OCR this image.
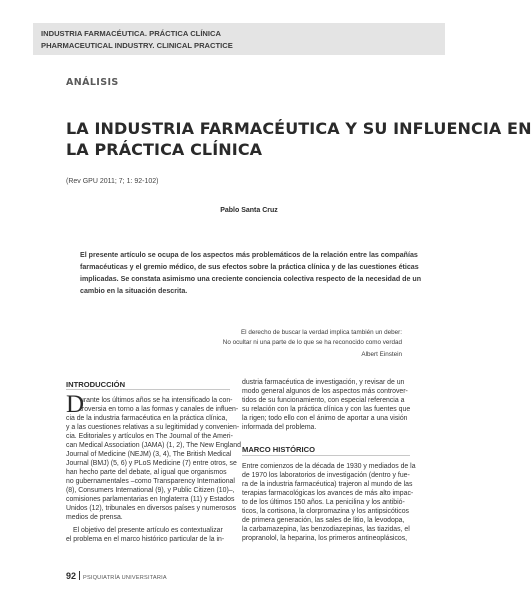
INDUSTRIA FARMACÉUTICA. PRÁCTICA CLÍNICA
PHARMACEUTICAL INDUSTRY. CLINICAL PRACTICE
ANÁLISIS
LA INDUSTRIA FARMACÉUTICA Y SU INFLUENCIA EN
LA PRÁCTICA CLÍNICA
(Rev GPU 2011; 7; 1: 92-102)
Pablo Santa Cruz
El presente artículo se ocupa de los aspectos más problemáticos de la relación entre las compañías
farmacéuticas y el gremio médico, de sus efectos sobre la práctica clínica y de las cuestiones éticas
implicadas. Se constata asimismo una creciente conciencia colectiva respecto de la necesidad de un
cambio en la situación descrita.
El derecho de buscar la verdad implica también un deber:
No ocultar ni una parte de lo que se ha reconocido como verdad
Albert Einstein
INTRODUCCIÓN
D
urante los últimos años se ha intensificado la con-
troversia en torno a las formas y canales de influen-
cia de la industria farmacéutica en la práctica clínica,
y a las cuestiones relativas a su legitimidad y convenien-
cia. Editoriales y artículos en The Journal of the Ameri-
can Medical Association (JAMA) (1, 2), The New England
Journal of Medicine (NEJM) (3, 4), The British Medical
Journal (BMJ) (5, 6) y PLoS Medicine (7) entre otros, se
han hecho parte del debate, al igual que organismos
no gubernamentales –como Transparency International
(8), Consumers International (9), y Public Citizen (10)–,
comisiones parlamentarias en Inglaterra (11) y Estados
Unidos (12), tribunales en diversos países y numerosos
medios de prensa.
El objetivo del presente artículo es contextualizar
el problema en el marco histórico particular de la in-
dustria farmacéutica de investigación, y revisar de un
modo general algunos de los aspectos más controver-
tidos de su funcionamiento, con especial referencia a
su relación con la práctica clínica y con las fuentes que
la rigen; todo ello con el ánimo de aportar a una visión
informada del problema.
MARCO HISTÓRICO
Entre comienzos de la década de 1930 y mediados de la
de 1970 los laboratorios de investigación (dentro y fue-
ra de la industria farmacéutica) trajeron al mundo de las
terapias farmacológicas los avances de más alto impac-
to de los últimos 150 años. La penicilina y los antibió-
ticos, la cortisona, la clorpromazina y los antipsicóticos
de primera generación, las sales de litio, la levodopa,
la carbamazepina, las benzodiazepinas, las tiazidas, el
propranolol, la heparina, los primeros antineoplásicos,
92 PSIQUIATRÍA UNIVERSITARIA
